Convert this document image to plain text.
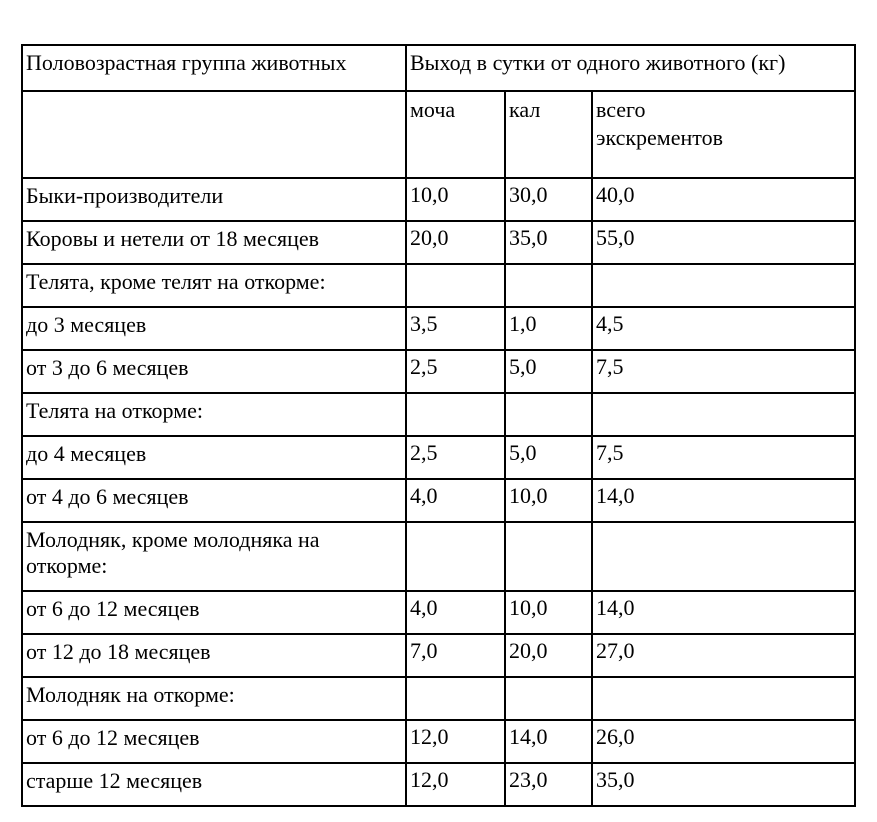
Половозрастная группа животных	Выход в сутки от одного животного (кг)		
	моча	кал	всего экскрементов
Быки-производители	10,0	30,0	40,0
Коровы и нетели от 18 месяцев	20,0	35,0	55,0
Телята, кроме телят на откорме:			
до 3 месяцев	3,5	1,0	4,5
от 3 до 6 месяцев	2,5	5,0	7,5
Телята на откорме:			
до 4 месяцев	2,5	5,0	7,5
от 4 до 6 месяцев	4,0	10,0	14,0
Молодняк, кроме молодняка на откорме:			
от 6 до 12 месяцев	4,0	10,0	14,0
от 12 до 18 месяцев	7,0	20,0	27,0
Молодняк на откорме:			
от 6 до 12 месяцев	12,0	14,0	26,0
старше 12 месяцев	12,0	23,0	35,0
